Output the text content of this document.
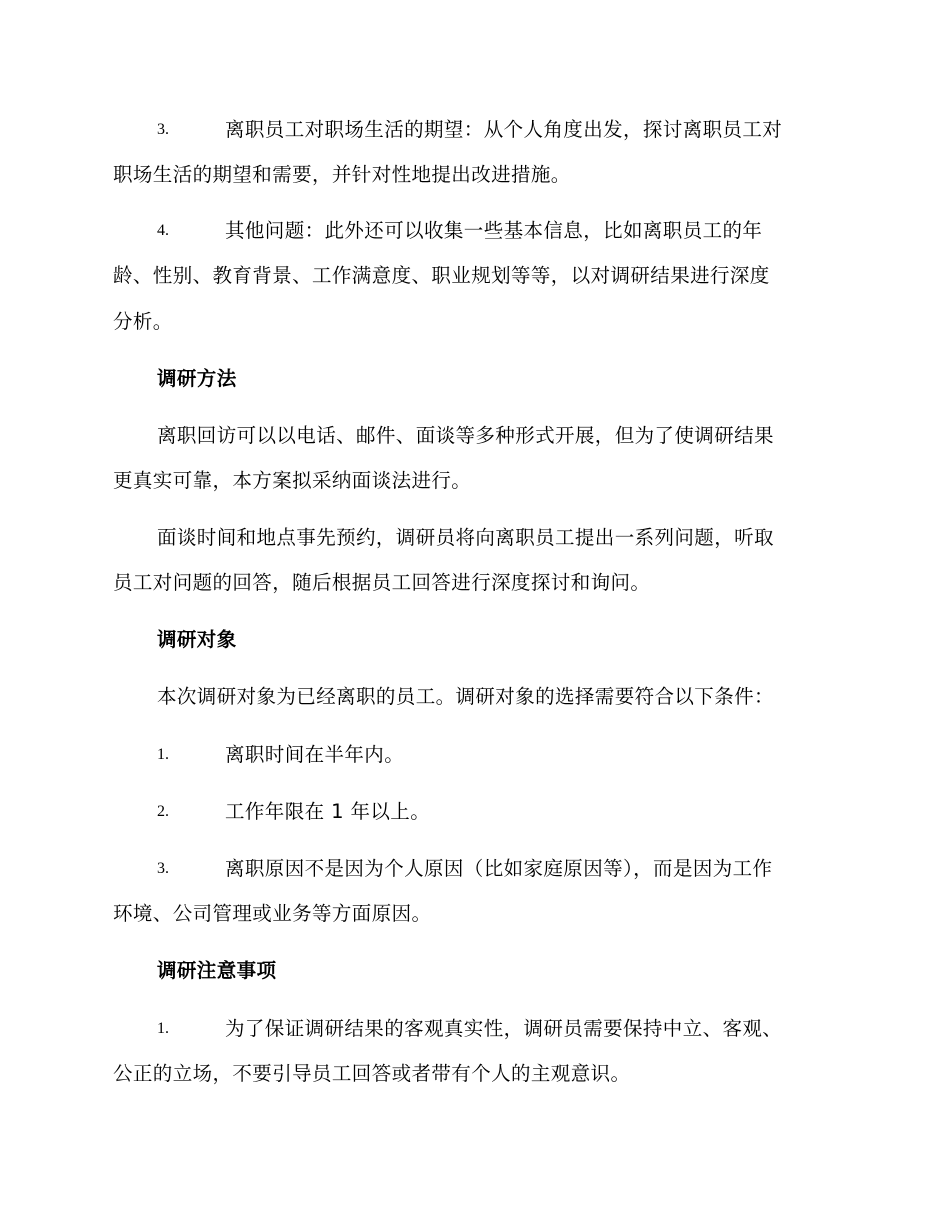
3.	离职员工对职场生活的期望：从个人角度出发，探讨离职员工对
职场生活的期望和需要，并针对性地提出改进措施。
4.	其他问题：此外还可以收集一些基本信息，比如离职员工的年
龄、性别、教育背景、工作满意度、职业规划等等，以对调研结果进行深度
分析。
调研方法
离职回访可以以电话、邮件、面谈等多种形式开展，但为了使调研结果
更真实可靠，本方案拟采纳面谈法进行。
面谈时间和地点事先预约，调研员将向离职员工提出一系列问题，听取
员工对问题的回答，随后根据员工回答进行深度探讨和询问。
调研对象
本次调研对象为已经离职的员工。调研对象的选择需要符合以下条件：
1.	离职时间在半年内。
2.	工作年限在 1 年以上。
3.	离职原因不是因为个人原因（比如家庭原因等），而是因为工作
环境、公司管理或业务等方面原因。
调研注意事项
1.	为了保证调研结果的客观真实性，调研员需要保持中立、客观、
公正的立场，不要引导员工回答或者带有个人的主观意识。
